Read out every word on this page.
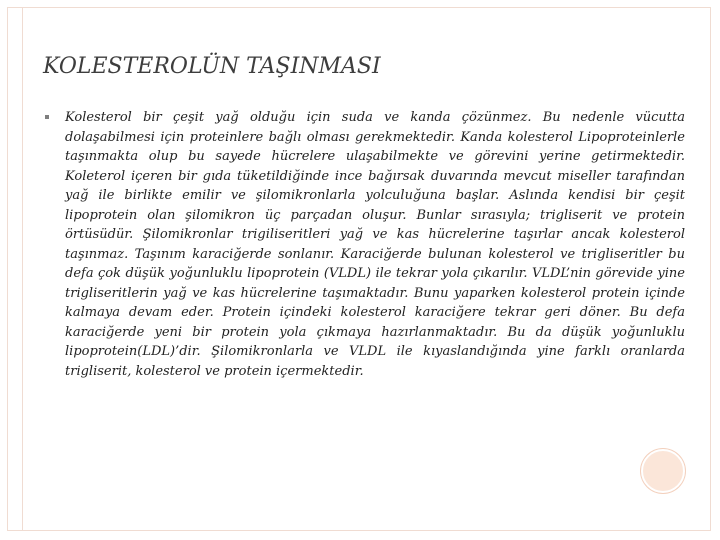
KOLESTEROLÜN TAŞINMASI

Kolesterol bir çeşit yağ olduğu için suda ve kanda çözünmez. Bu nedenle vücutta dolaşabilmesi için proteinlere bağlı olması gerekmektedir. Kanda kolesterol Lipoproteinlerle taşınmakta olup bu sayede hücrelere ulaşabilmekte ve görevini yerine getirmektedir. Koleterol içeren bir gıda tüketildiğinde ince bağırsak duvarında mevcut miseller tarafından yağ ile birlikte emilir ve şilomikronlarla yolculuğuna başlar. Aslında kendisi bir çeşit lipoprotein olan şilomikron üç parçadan oluşur. Bunlar sırasıyla; trigliserit ve protein örtüsüdür. Şilomikronlar trigiliseritleri yağ ve kas hücrelerine taşırlar ancak kolesterol taşınmaz. Taşınım karaciğerde sonlanır. Karaciğerde bulunan kolesterol ve trigliseritler bu defa çok düşük yoğunluklu lipoprotein (VLDL) ile tekrar yola çıkarılır. VLDL’nin görevide yine trigliseritlerin yağ ve kas hücrelerine taşımaktadır. Bunu yaparken kolesterol protein içinde kalmaya devam eder. Protein içindeki kolesterol karaciğere tekrar geri döner. Bu defa karaciğerde yeni bir protein yola çıkmaya hazırlanmaktadır. Bu da düşük yoğunluklu lipoprotein(LDL)’dir. Şilomikronlarla ve VLDL ile kıyaslandığında yine farklı oranlarda trigliserit, kolesterol ve protein içermektedir.
